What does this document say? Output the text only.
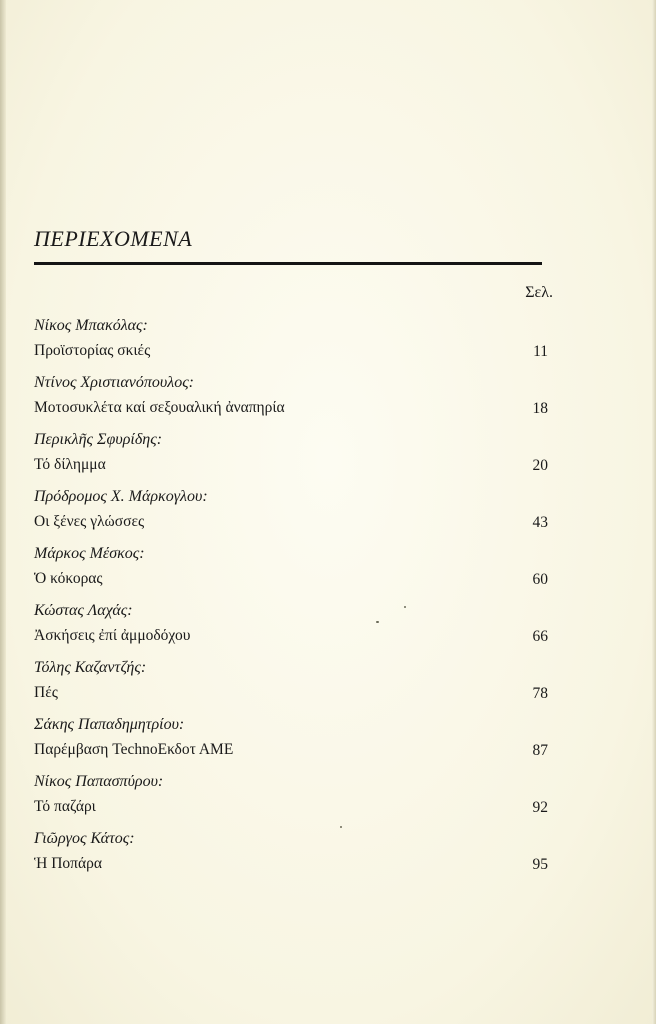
ΠΕΡΙΕΧΟΜΕΝΑ
Σελ.
Νίκος Μπακόλας:
Προϊστορίας σκιές	11
Ντίνος Χριστιανόπουλος:
Μοτοσυκλέτα καί σεξουαλική ἀναπηρία	18
Περικλῆς Σφυρίδης:
Τό δίλημμα	20
Πρόδρομος Χ. Μάρκογλου:
Οι ξένες γλώσσες	43
Μάρκος Μέσκος:
Ὁ κόκορας	60
Κώστας Λαχάς:
Ἀσκήσεις ἐπί ἀμμοδόχου	66
Τόλης Καζαντζής:
Πές	78
Σάκης Παπαδημητρίου:
Παρέμβαση TechnoΕκδοτ ΑΜΕ	87
Νίκος Παπασπύρου:
Τό παζάρι	92
Γιῶργος Κάτος:
Ἡ Ποπάρα	95
